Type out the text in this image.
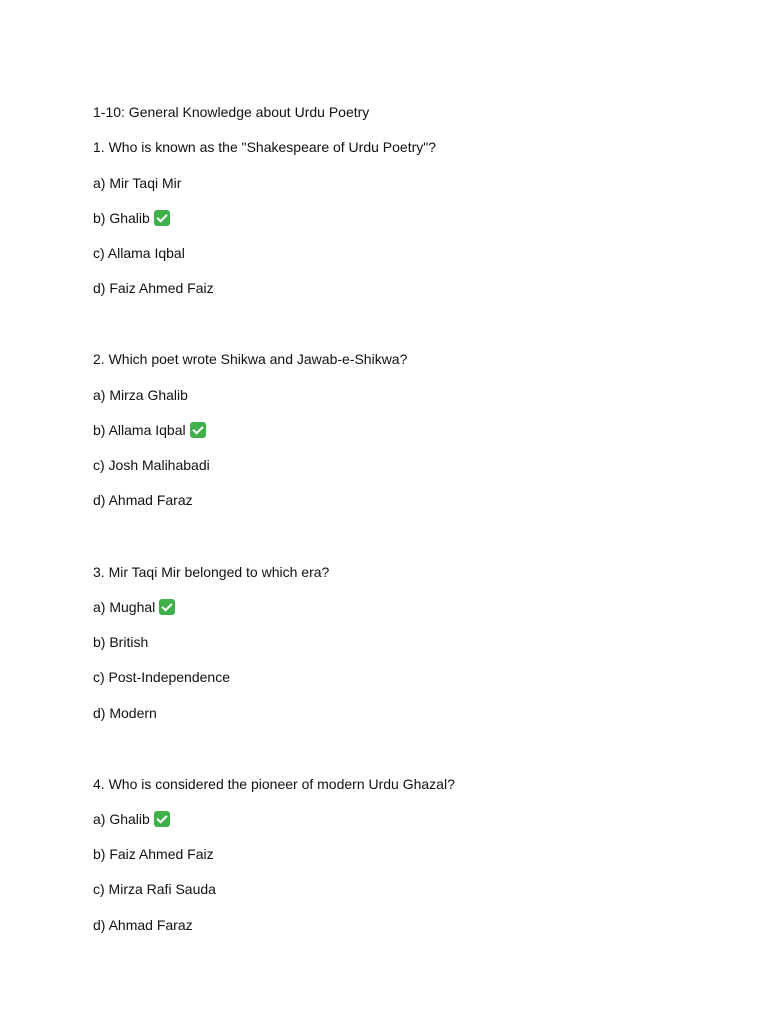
1-10: General Knowledge about Urdu Poetry
1. Who is known as the "Shakespeare of Urdu Poetry"?
a) Mir Taqi Mir
b) Ghalib
c) Allama Iqbal
d) Faiz Ahmed Faiz
2. Which poet wrote Shikwa and Jawab-e-Shikwa?
a) Mirza Ghalib
b) Allama Iqbal
c) Josh Malihabadi
d) Ahmad Faraz
3. Mir Taqi Mir belonged to which era?
a) Mughal
b) British
c) Post-Independence
d) Modern
4. Who is considered the pioneer of modern Urdu Ghazal?
a) Ghalib
b) Faiz Ahmed Faiz
c) Mirza Rafi Sauda
d) Ahmad Faraz
